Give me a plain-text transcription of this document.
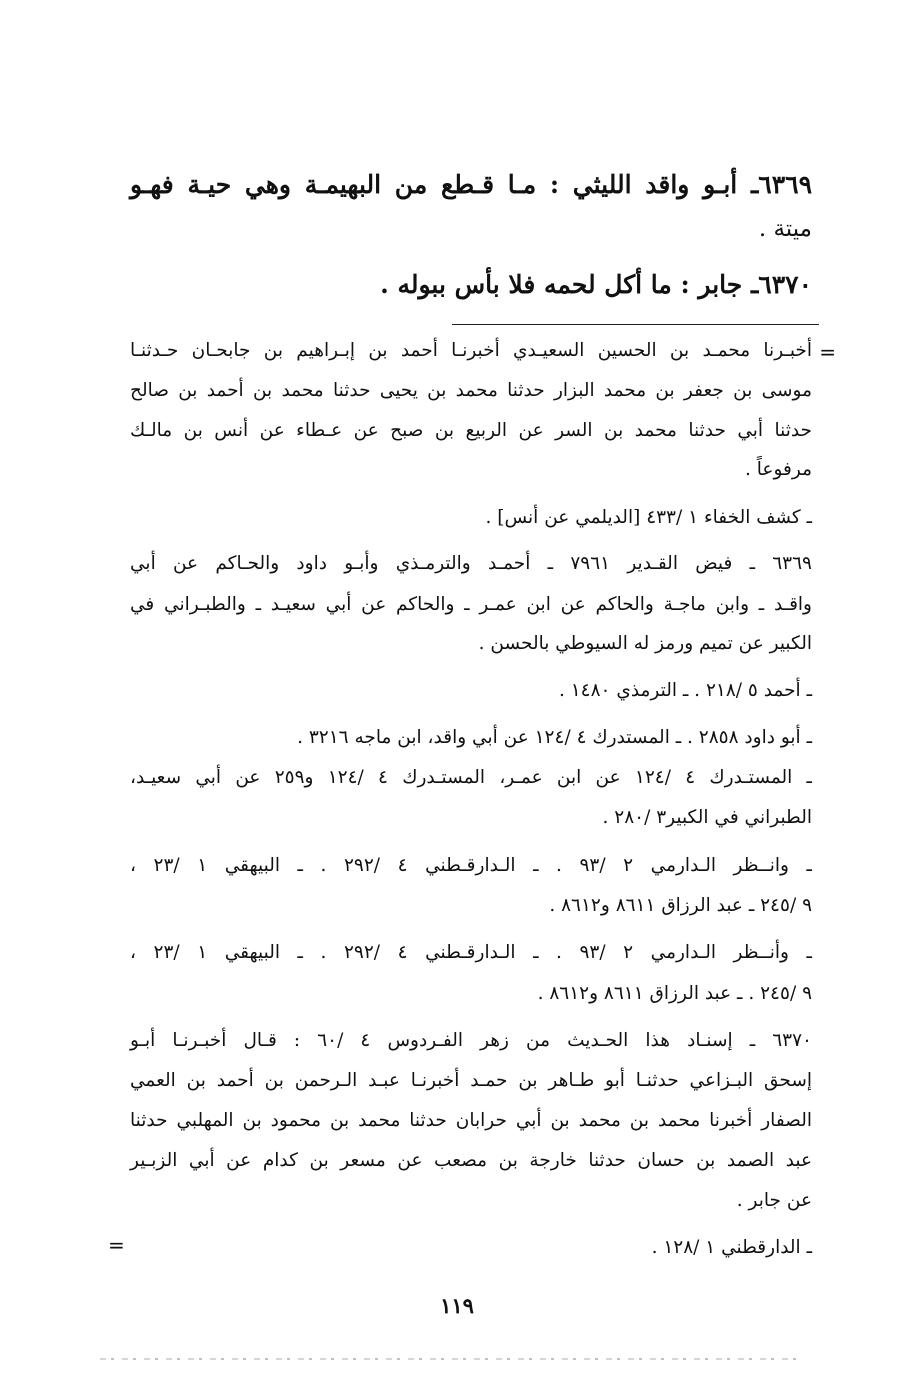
٦٣٦٩ـ أبـو واقد الليثي : مـا قـطع من البهيمـة وهي حيـة فهـو
ميتة .
٦٣٧٠ـ جابر : ما أكل لحمه فلا بأس ببوله .
=
أخبـرنا محمـد بن الحسين السعيـدي أخبرنـا أحمد بن إبـراهيم بن جابحـان حـدثنـا
موسى بن جعفر بن محمد البزار حدثنا محمد بن يحيى حدثنا محمد بن أحمد بن صالح
حدثنا أبي حدثنا محمد بن السر عن الربيع بن صبح عن عـطاء عن أنس بن مالـك
مرفوعاً .
ـ كشف الخفاء ١ /٤٣٣ [الديلمي عن أنس] .
٦٣٦٩ ـ فيض القـدير ٧٩٦١ ـ أحمـد والترمـذي وأبـو داود والحـاكم عن أبي
واقـد ـ وابن ماجـة والحاكم عن ابن عمـر ـ والحاكم عن أبي سعيـد ـ والطبـراني في
الكبير عن تميم ورمز له السيوطي بالحسن .
ـ أحمد ٥ /٢١٨ . ـ الترمذي ١٤٨٠ .
ـ أبو داود ٢٨٥٨ . ـ المستدرك ٤ /١٢٤ عن أبي واقد، ابن ماجه ٣٢١٦ .
ـ المستـدرك ٤ /١٢٤ عن ابن عمـر، المستـدرك ٤ /١٢٤ و٢٥٩ عن أبي سعيـد،
الطبراني في الكبير٣ /٢٨٠ .
ـ وانــظر الـدارمي ٢ /٩٣ . ـ الـدارقـطني ٤ /٢٩٢ . ـ البيهقي ١ /٢٣ ،
٩ /٢٤٥ ـ عبد الرزاق ٨٦١١ و٨٦١٢ .
ـ وأنــظر الـدارمي ٢ /٩٣ . ـ الـدارقـطني ٤ /٢٩٢ . ـ البيهقي ١ /٢٣ ،
٩ /٢٤٥ . ـ عبد الرزاق ٨٦١١ و٨٦١٢ .
٦٣٧٠ ـ إسنـاد هذا الحـديث من زهر الفـردوس ٤ /٦٠ : قـال أخبـرنـا أبـو
إسحق البـزاعي حدثنـا أبو طـاهر بن حمـد أخبرنـا عبـد الـرحمن بن أحمد بن العمي
الصفار أخبرنا محمد بن محمد بن أبي حرابان حدثنا محمد بن محمود بن المهلبي حدثنا
عبد الصمد بن حسان حدثنا خارجة بن مصعب عن مسعر بن كدام عن أبي الزبـير
عن جابر .
ـ الدارقطني ١ /١٢٨ .
=
١١٩
